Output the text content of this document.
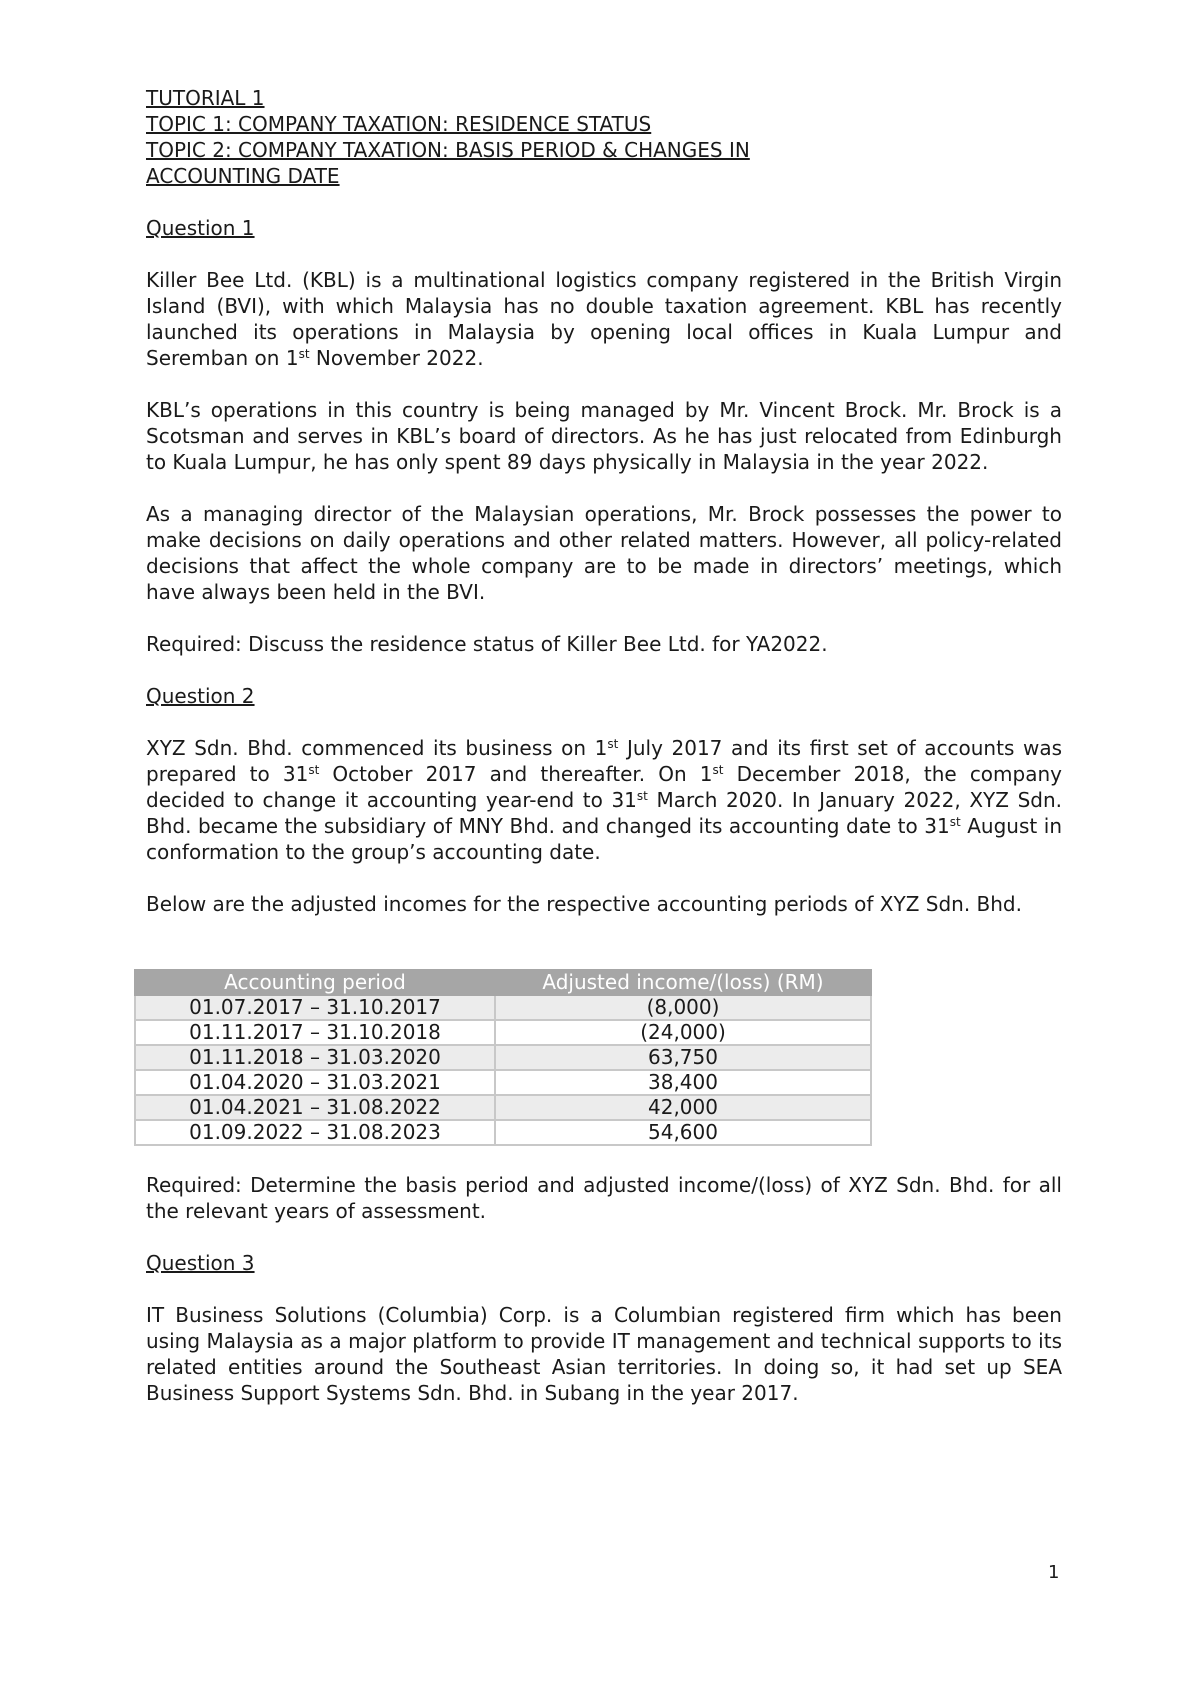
TUTORIAL 1
TOPIC 1: COMPANY TAXATION: RESIDENCE STATUS
TOPIC 2: COMPANY TAXATION: BASIS PERIOD & CHANGES IN
ACCOUNTING DATE
Question 1

Killer Bee Ltd. (KBL) is a multinational logistics company registered in the British Virgin Island (BVI), with which Malaysia has no double taxation agreement. KBL has recently launched its operations in Malaysia by opening local offices in Kuala Lumpur and Seremban on 1st November 2022.

KBL’s operations in this country is being managed by Mr. Vincent Brock. Mr. Brock is a Scotsman and serves in KBL’s board of directors. As he has just relocated from Edinburgh to Kuala Lumpur, he has only spent 89 days physically in Malaysia in the year 2022.

As a managing director of the Malaysian operations, Mr. Brock possesses the power to make decisions on daily operations and other related matters. However, all policy-related decisions that affect the whole company are to be made in directors’ meetings, which have always been held in the BVI.

Required: Discuss the residence status of Killer Bee Ltd. for YA2022.

Question 2

XYZ Sdn. Bhd. commenced its business on 1st July 2017 and its first set of accounts was prepared to 31st October 2017 and thereafter. On 1st December 2018, the company decided to change it accounting year-end to 31st March 2020. In January 2022, XYZ Sdn. Bhd. became the subsidiary of MNY Bhd. and changed its accounting date to 31st August in conformation to the group’s accounting date.

Below are the adjusted incomes for the respective accounting periods of XYZ Sdn. Bhd.

Accounting period	Adjusted income/(loss) (RM)
01.07.2017 – 31.10.2017	(8,000)
01.11.2017 – 31.10.2018	(24,000)
01.11.2018 – 31.03.2020	63,750
01.04.2020 – 31.03.2021	38,400
01.04.2021 – 31.08.2022	42,000
01.09.2022 – 31.08.2023	54,600

Required: Determine the basis period and adjusted income/(loss) of XYZ Sdn. Bhd. for all the relevant years of assessment.

Question 3

IT Business Solutions (Columbia) Corp. is a Columbian registered firm which has been using Malaysia as a major platform to provide IT management and technical supports to its related entities around the Southeast Asian territories. In doing so, it had set up SEA Business Support Systems Sdn. Bhd. in Subang in the year 2017.

1
